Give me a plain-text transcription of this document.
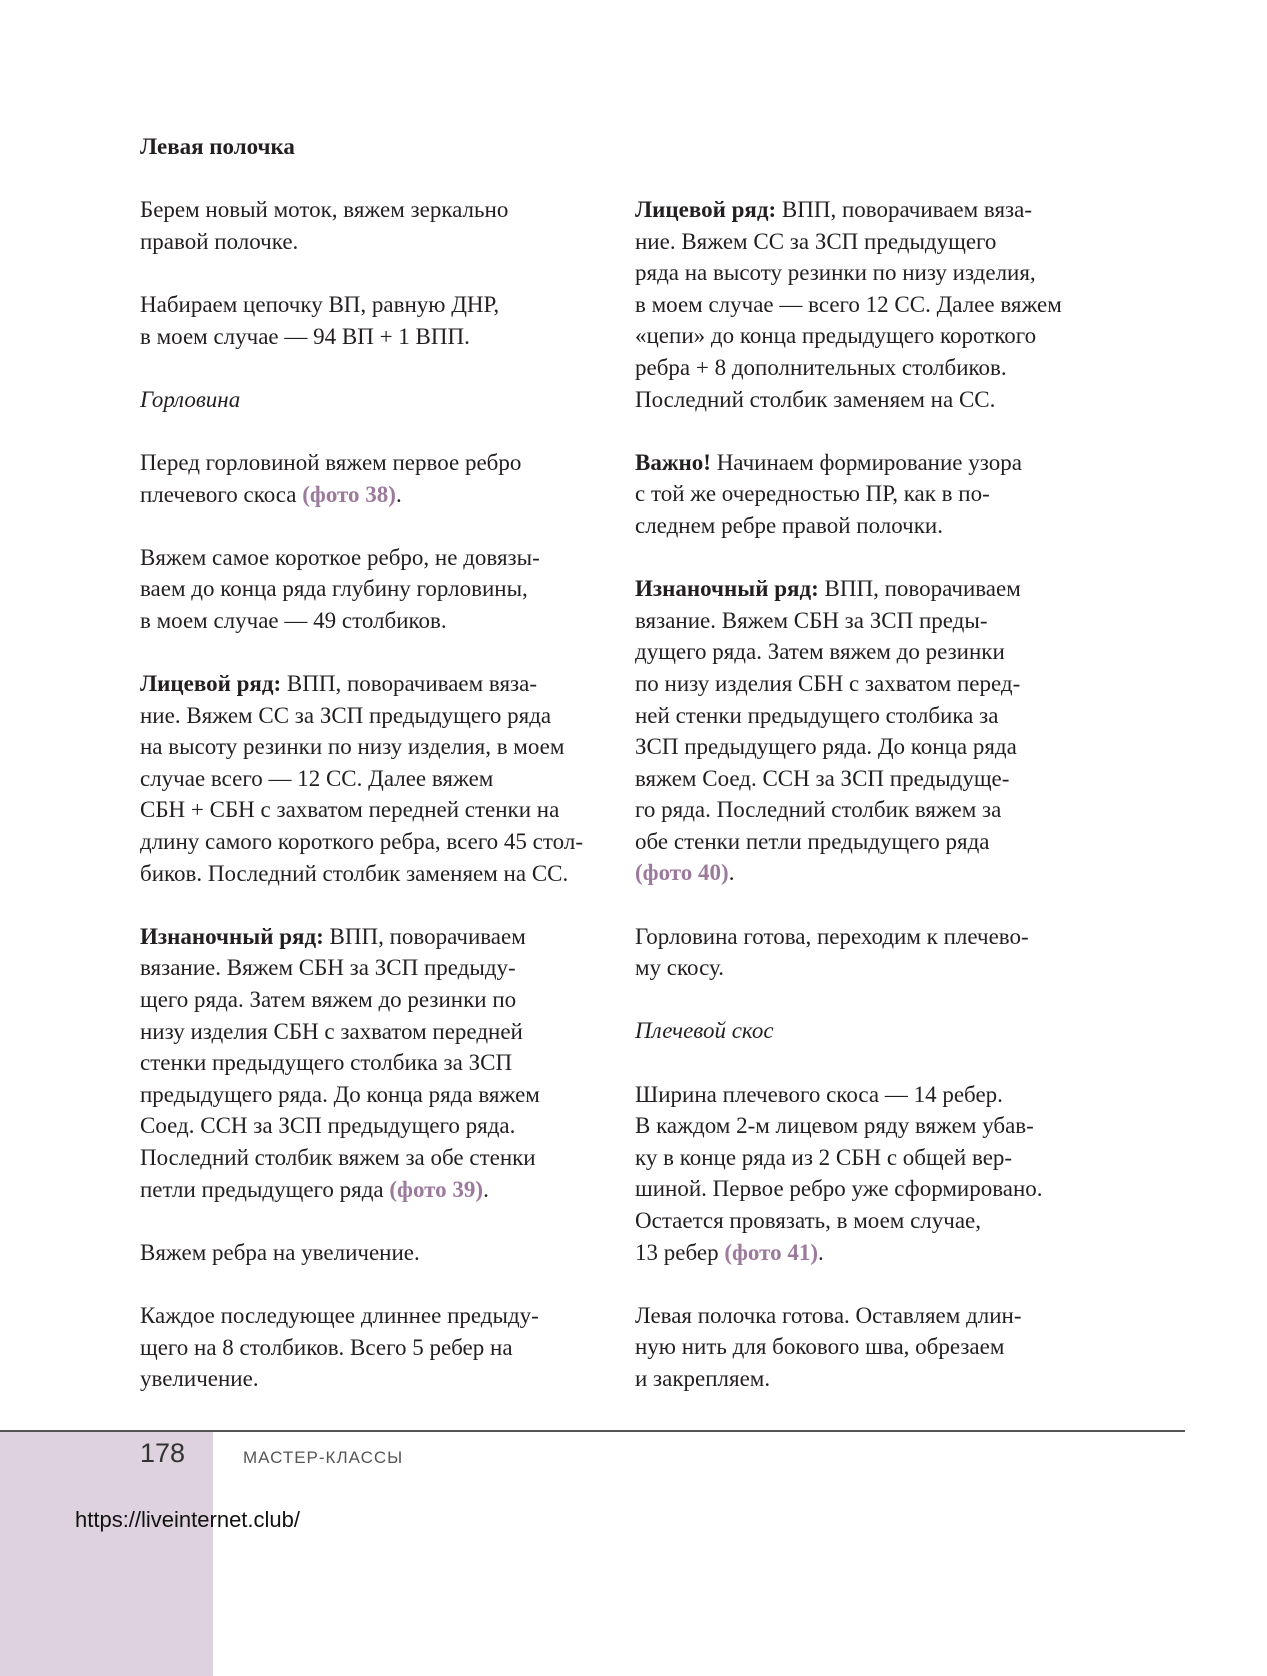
Левая полочка
Берем новый моток, вяжем зеркально
правой полочке.
Набираем цепочку ВП, равную ДНР,
в моем случае — 94 ВП + 1 ВПП.
Горловина
Перед горловиной вяжем первое ребро
плечевого скоса (фото 38).
Вяжем самое короткое ребро, не довязы-
ваем до конца ряда глубину горловины,
в моем случае — 49 столбиков.
Лицевой ряд: ВПП, поворачиваем вяза-
ние. Вяжем СС за ЗСП предыдущего ряда
на высоту резинки по низу изделия, в моем
случае всего — 12 СС. Далее вяжем
СБН + СБН с захватом передней стенки на
длину самого короткого ребра, всего 45 стол-
биков. Последний столбик заменяем на СС.
Изнаночный ряд: ВПП, поворачиваем
вязание. Вяжем СБН за ЗСП предыду-
щего ряда. Затем вяжем до резинки по
низу изделия СБН с захватом передней
стенки предыдущего столбика за ЗСП
предыдущего ряда. До конца ряда вяжем
Соед. ССН за ЗСП предыдущего ряда.
Последний столбик вяжем за обе стенки
петли предыдущего ряда (фото 39).
Вяжем ребра на увеличение.
Каждое последующее длиннее предыду-
щего на 8 столбиков. Всего 5 ребер на
увеличение.
Лицевой ряд: ВПП, поворачиваем вяза-
ние. Вяжем СС за ЗСП предыдущего
ряда на высоту резинки по низу изделия,
в моем случае — всего 12 СС. Далее вяжем
«цепи» до конца предыдущего короткого
ребра + 8 дополнительных столбиков.
Последний столбик заменяем на СС.
Важно! Начинаем формирование узора
с той же очередностью ПР, как в по-
следнем ребре правой полочки.
Изнаночный ряд: ВПП, поворачиваем
вязание. Вяжем СБН за ЗСП преды-
дущего ряда. Затем вяжем до резинки
по низу изделия СБН с захватом перед-
ней стенки предыдущего столбика за
ЗСП предыдущего ряда. До конца ряда
вяжем Соед. ССН за ЗСП предыдуще-
го ряда. Последний столбик вяжем за
обе стенки петли предыдущего ряда
(фото 40).
Горловина готова, переходим к плечево-
му скосу.
Плечевой скос
Ширина плечевого скоса — 14 ребер.
В каждом 2-м лицевом ряду вяжем убав-
ку в конце ряда из 2 СБН с общей вер-
шиной. Первое ребро уже сформировано.
Остается провязать, в моем случае,
13 ребер (фото 41).
Левая полочка готова. Оставляем длин-
ную нить для бокового шва, обрезаем
и закрепляем.
178	МАСТЕР-КЛАССЫ
https://liveinternet.club/
